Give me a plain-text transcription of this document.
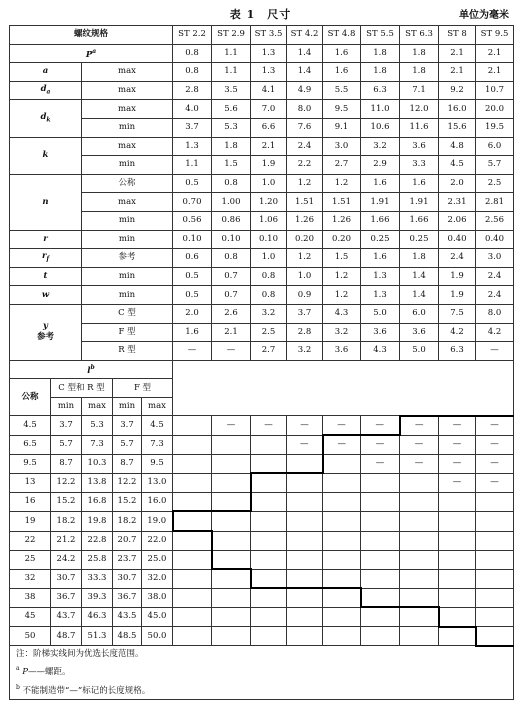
表 1　尺寸	单位为毫米
螺纹规格					ST 2.2	ST 2.9	ST 3.5	ST 4.2	ST 4.8	ST 5.5	ST 6.3	ST 8	ST 9.5
$P^a$					0.8	1.1	1.3	1.4	1.6	1.8	1.8	2.1	2.1
a		max			0.8	1.1	1.3	1.4	1.6	1.8	1.8	2.1	2.1
$d_a$		max			2.8	3.5	4.1	4.9	5.5	6.3	7.1	9.2	10.7
$d_k$		max			4.0	5.6	7.0	8.0	9.5	11.0	12.0	16.0	20.0
		min			3.7	5.3	6.6	7.6	9.1	10.6	11.6	15.6	19.5
k		max			1.3	1.8	2.1	2.4	3.0	3.2	3.6	4.8	6.0
		min			1.1	1.5	1.9	2.2	2.7	2.9	3.3	4.5	5.7
n		公称			0.5	0.8	1.0	1.2	1.2	1.6	1.6	2.0	2.5
		max			0.70	1.00	1.20	1.51	1.51	1.91	1.91	2.31	2.81
		min			0.56	0.86	1.06	1.26	1.26	1.66	1.66	2.06	2.56
r		min			0.10	0.10	0.10	0.20	0.20	0.25	0.25	0.40	0.40
$r_f$		参考			0.6	0.8	1.0	1.2	1.5	1.6	1.8	2.4	3.0
t		min			0.5	0.7	0.8	1.0	1.2	1.3	1.4	1.9	2.4
w		min			0.5	0.7	0.8	0.9	1.2	1.3	1.4	1.9	2.4
y
参考		C 型			2.0	2.6	3.2	3.7	4.3	5.0	6.0	7.5	8.0
		F 型			1.6	2.1	2.5	2.8	3.2	3.6	3.6	4.2	4.2
		R 型			—	—	2.7	3.2	3.6	4.3	5.0	6.3	—
$l^b$	
公称	C 型和 R 型		F 型										
	min	max	min	max									
4.5	3.7	5.3	3.7	4.5		—	—	—	—	—	—	—	—
6.5	5.7	7.3	5.7	7.3				—	—	—	—	—	—
9.5	8.7	10.3	8.7	9.5						—	—	—	—
13	12.2	13.8	12.2	13.0								—	—
16	15.2	16.8	15.2	16.0									
19	18.2	19.8	18.2	19.0									
22	21.2	22.8	20.7	22.0									
25	24.2	25.8	23.7	25.0									
32	30.7	33.3	30.7	32.0									
38	36.7	39.3	36.7	38.0									
45	43.7	46.3	43.5	45.0									
50	48.7	51.3	48.5	50.0									
注：阶梯实线间为优选长度范围。
$^a$ P——螺距。
$^b$ 不能制造带“—”标记的长度规格。													
